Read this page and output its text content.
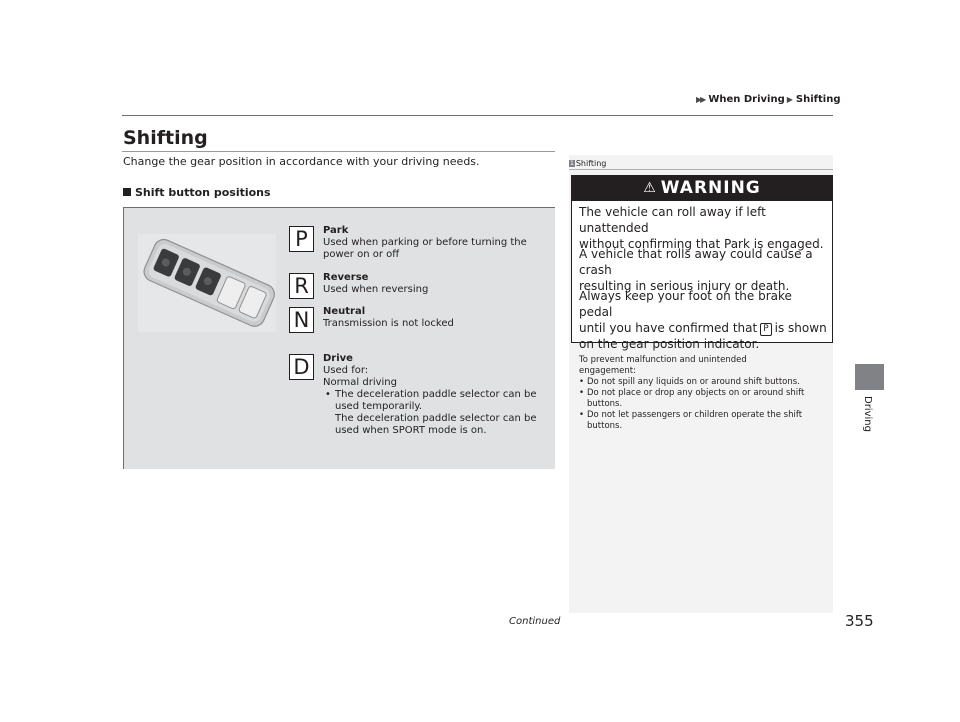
▶▶ When Driving ▶ Shifting
Driving
Shifting
Change the gear position in accordance with your driving needs.
Shift button positions
P	Park
Used when parking or before turning the
power on or off
R	Reverse
Used when reversing
N	Neutral
Transmission is not locked
D	Drive
Used for:
Normal driving
• The deceleration paddle selector can be
used temporarily.
The deceleration paddle selector can be
used when SPORT mode is on.
1 Shifting
⚠ WARNING
The vehicle can roll away if left unattended
without confirming that Park is engaged.
A vehicle that rolls away could cause a crash
resulting in serious injury or death.
Always keep your foot on the brake pedal
until you have confirmed that P is shown
on the gear position indicator.
To prevent malfunction and unintended
engagement:
• Do not spill any liquids on or around shift buttons.
• Do not place or drop any objects on or around shift
buttons.
• Do not let passengers or children operate the shift
buttons.
Continued	355
